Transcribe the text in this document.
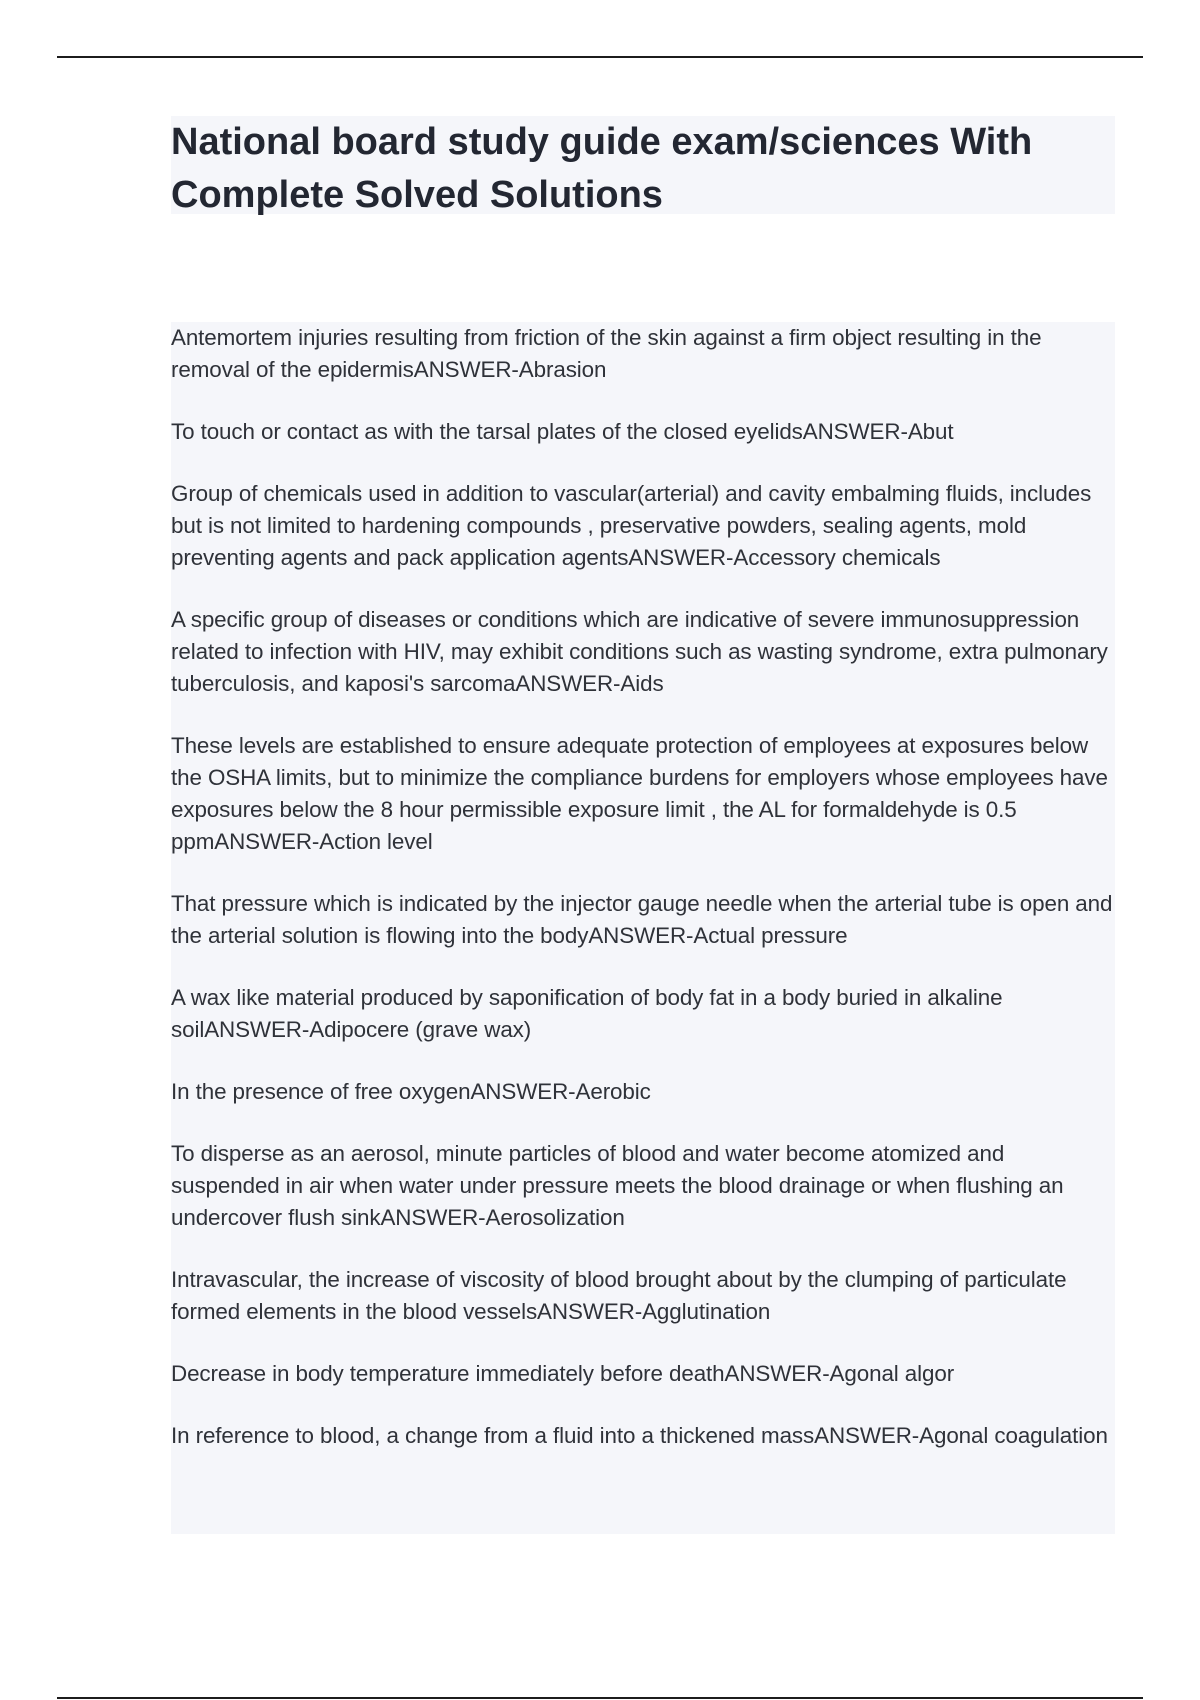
National board study guide exam/sciences With Complete Solved Solutions
Antemortem injuries resulting from friction of the skin against a firm object resulting in the removal of the epidermisANSWER-Abrasion
To touch or contact as with the tarsal plates of the closed eyelidsANSWER-Abut
Group of chemicals used in addition to vascular(arterial) and cavity embalming fluids, includes but is not limited to hardening compounds , preservative powders, sealing agents, mold preventing agents and pack application agentsANSWER-Accessory chemicals
A specific group of diseases or conditions which are indicative of severe immunosuppression related to infection with HIV, may exhibit conditions such as wasting syndrome, extra pulmonary tuberculosis, and kaposi's sarcomaANSWER-Aids
These levels are established to ensure adequate protection of employees at exposures below the OSHA limits, but to minimize the compliance burdens for employers whose employees have exposures below the 8 hour permissible exposure limit , the AL for formaldehyde is 0.5 ppmANSWER-Action level
That pressure which is indicated by the injector gauge needle when the arterial tube is open and the arterial solution is flowing into the bodyANSWER-Actual pressure
A wax like material produced by saponification of body fat in a body buried in alkaline soilANSWER-Adipocere (grave wax)
In the presence of free oxygenANSWER-Aerobic
To disperse as an aerosol, minute particles of blood and water become atomized and suspended in air when water under pressure meets the blood drainage or when flushing an undercover flush sinkANSWER-Aerosolization
Intravascular, the increase of viscosity of blood brought about by the clumping of particulate formed elements in the blood vesselsANSWER-Agglutination
Decrease in body temperature immediately before deathANSWER-Agonal algor
In reference to blood, a change from a fluid into a thickened massANSWER-Agonal coagulation
